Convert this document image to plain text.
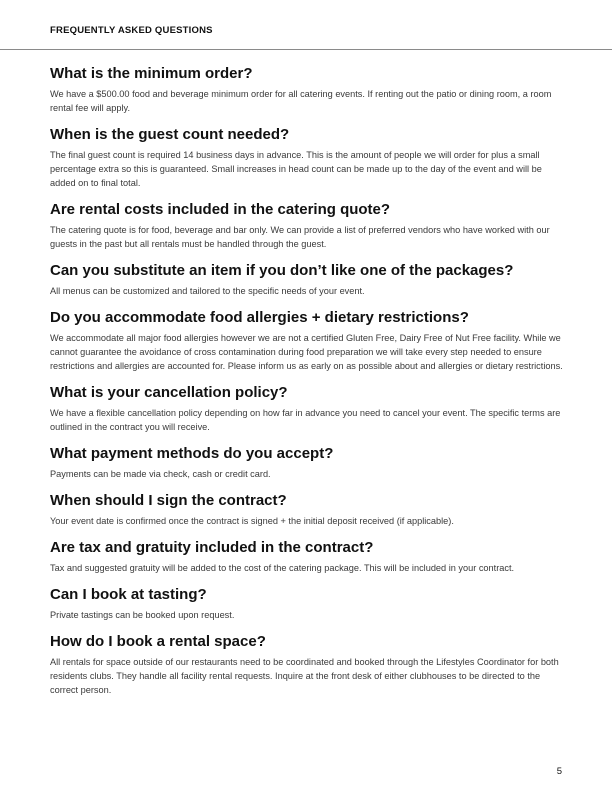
FREQUENTLY ASKED QUESTIONS
What is the minimum order?

We have a $500.00 food and beverage minimum order for all catering events. If renting out the patio or dining room, a room rental fee will apply.

When is the guest count needed?

The final guest count is required 14 business days in advance. This is the amount of people we will order for plus a small percentage extra so this is guaranteed. Small increases in head count can be made up to the day of the event and will be added on to final total.

Are rental costs included in the catering quote?

The catering quote is for food, beverage and bar only. We can provide a list of preferred vendors who have worked with our guests in the past but all rentals must be handled through the guest.

Can you substitute an item if you don’t like one of the packages?

All menus can be customized and tailored to the specific needs of your event.

Do you accommodate food allergies + dietary restrictions?

We accommodate all major food allergies however we are not a certified Gluten Free, Dairy Free of Nut Free facility. While we cannot guarantee the avoidance of cross contamination during food preparation we will take every step needed to ensure restrictions and allergies are accounted for. Please inform us as early on as possible about and allergies or dietary restrictions.

What is your cancellation policy?

We have a flexible cancellation policy depending on how far in advance you need to cancel your event. The specific terms are outlined in the contract you will receive.

What payment methods do you accept?

Payments can be made via check, cash or credit card.

When should I sign the contract?

Your event date is confirmed once the contract is signed + the initial deposit received (if applicable).

Are tax and gratuity included in the contract?

Tax and suggested gratuity will be added to the cost of the catering package. This will be included in your contract.

Can I book at tasting?

Private tastings can be booked upon request.

How do I book a rental space?

All rentals for space outside of our restaurants need to be coordinated and booked through the Lifestyles Coordinator for both residents clubs. They handle all facility rental requests. Inquire at the front desk of either clubhouses to be directed to the correct person.

5
